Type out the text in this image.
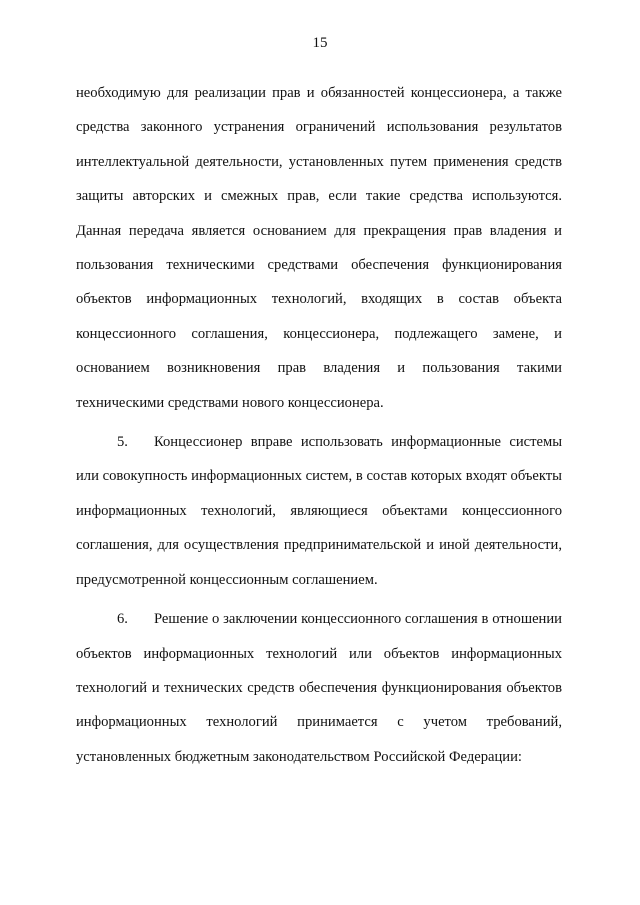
15

необходимую для реализации прав и обязанностей концессионера, а также средства законного устранения ограничений использования результатов интеллектуальной деятельности, установленных путем применения средств защиты авторских и смежных прав, если такие средства используются. Данная передача является основанием для прекращения прав владения и пользования техническими средствами обеспечения функционирования объектов информационных технологий, входящих в состав объекта концессионного соглашения, концессионера, подлежащего замене, и основанием возникновения прав владения и пользования такими техническими средствами нового концессионера.

5. Концессионер вправе использовать информационные системы или совокупность информационных систем, в состав которых входят объекты информационных технологий, являющиеся объектами концессионного соглашения, для осуществления предпринимательской и иной деятельности, предусмотренной концессионным соглашением.

6. Решение о заключении концессионного соглашения в отношении объектов информационных технологий или объектов информационных технологий и технических средств обеспечения функционирования объектов информационных технологий принимается с учетом требований, установленных бюджетным законодательством Российской Федерации:
